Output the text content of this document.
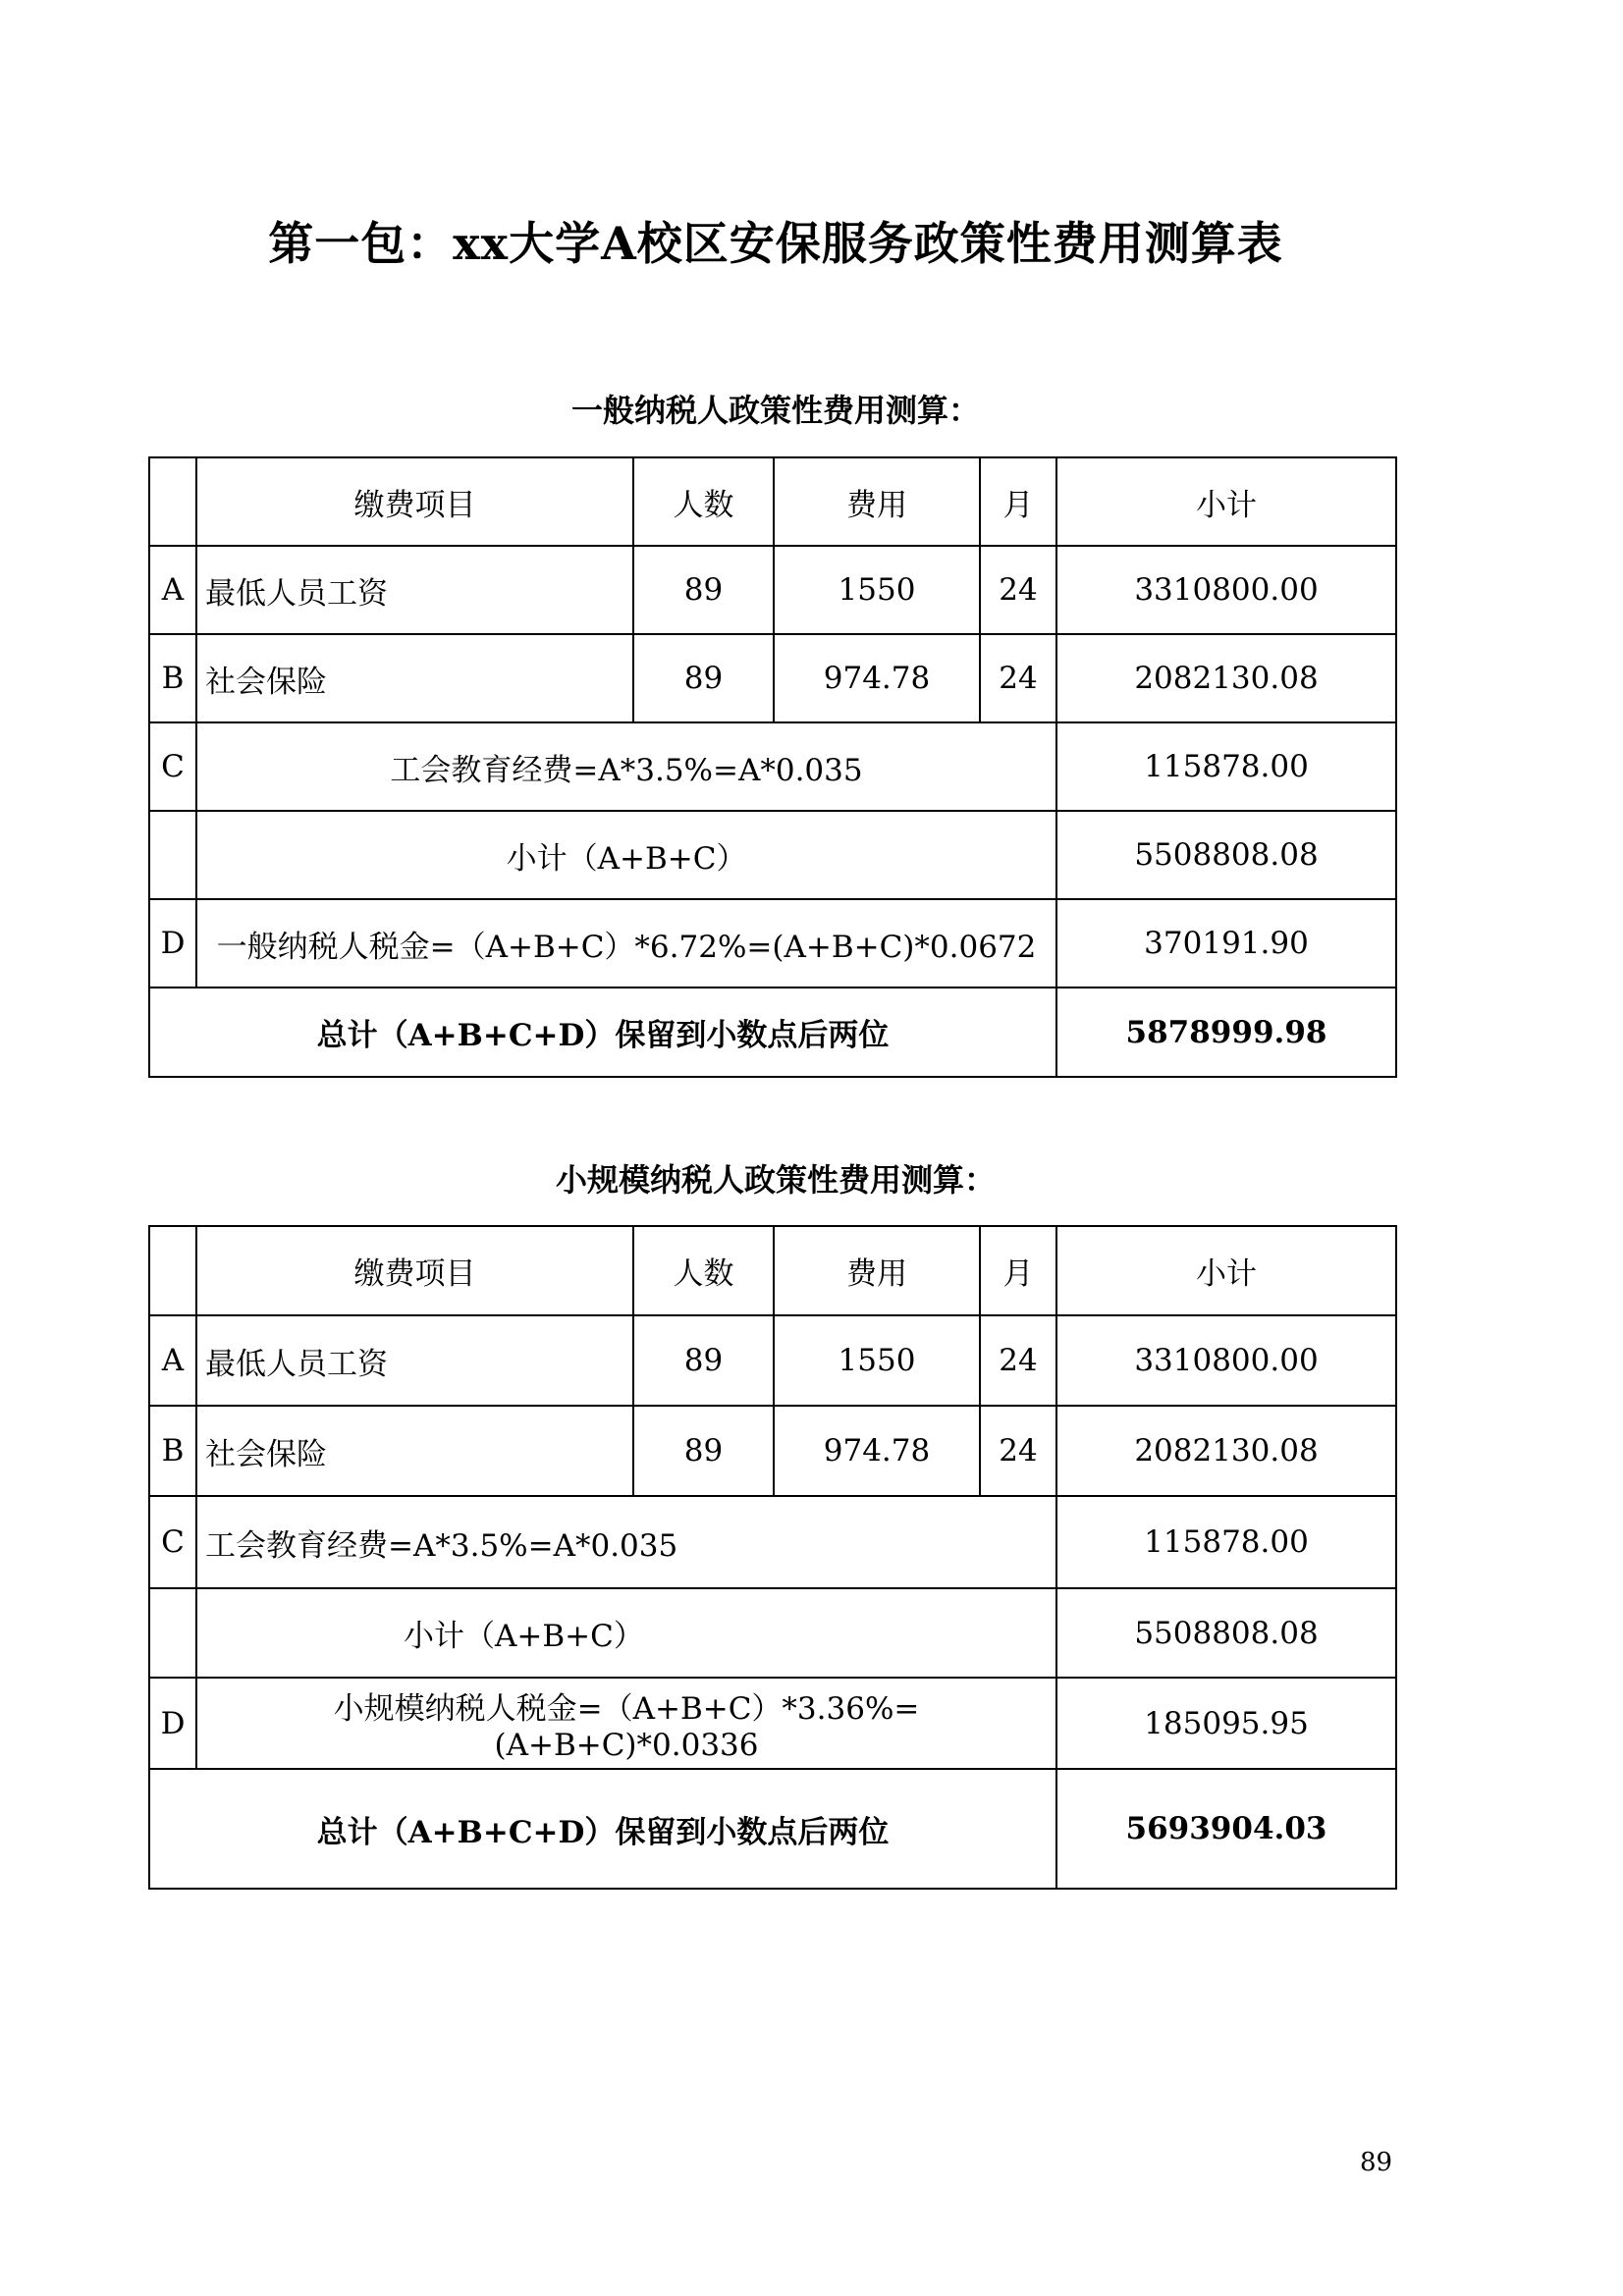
第一包：xx大学A校区安保服务政策性费用测算表
一般纳税人政策性费用测算：
	缴费项目	人数	费用	月	小计
A	最低人员工资	89	1550	24	3310800.00
B	社会保险	89	974.78	24	2082130.08
C	工会教育经费=A*3.5%=A*0.035				115878.00
	小计（A+B+C）				5508808.08
D	一般纳税人税金=（A+B+C）*6.72%=(A+B+C)*0.0672				370191.90
总计（A+B+C+D）保留到小数点后两位					5878999.98
小规模纳税人政策性费用测算：
	缴费项目	人数	费用	月	小计
A	最低人员工资	89	1550	24	3310800.00
B	社会保险	89	974.78	24	2082130.08
C	工会教育经费=A*3.5%=A*0.035				115878.00
	小计（A+B+C）				5508808.08
D	小规模纳税人税金=（A+B+C）*3.36%=(A+B+C)*0.0336				185095.95
总计（A+B+C+D）保留到小数点后两位					5693904.03
89
